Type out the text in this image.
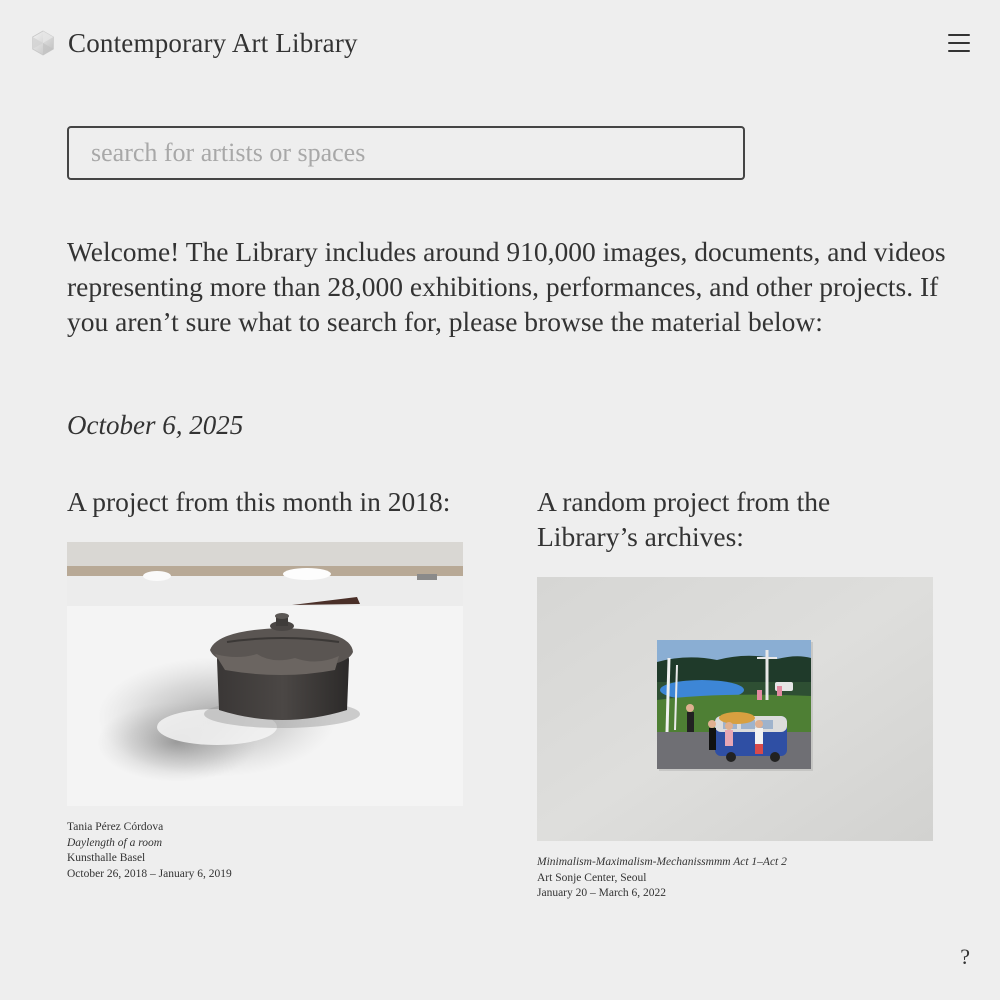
Contemporary Art Library
search for artists or spaces

Welcome! The Library includes around 910,000 images, documents, and videos representing more than 28,000 exhibitions, performances, and other projects. If you aren’t sure what to search for, please browse the material below:

October 6, 2025
A project from this month in 2018:
Tania Pérez Córdova
Daylength of a room
Kunsthalle Basel
October 26, 2018 – January 6, 2019
A random project from the Library’s archives:
Minimalism-Maximalism-Mechanissmmm Act 1–Act 2
Art Sonje Center, Seoul
January 20 – March 6, 2022
?
